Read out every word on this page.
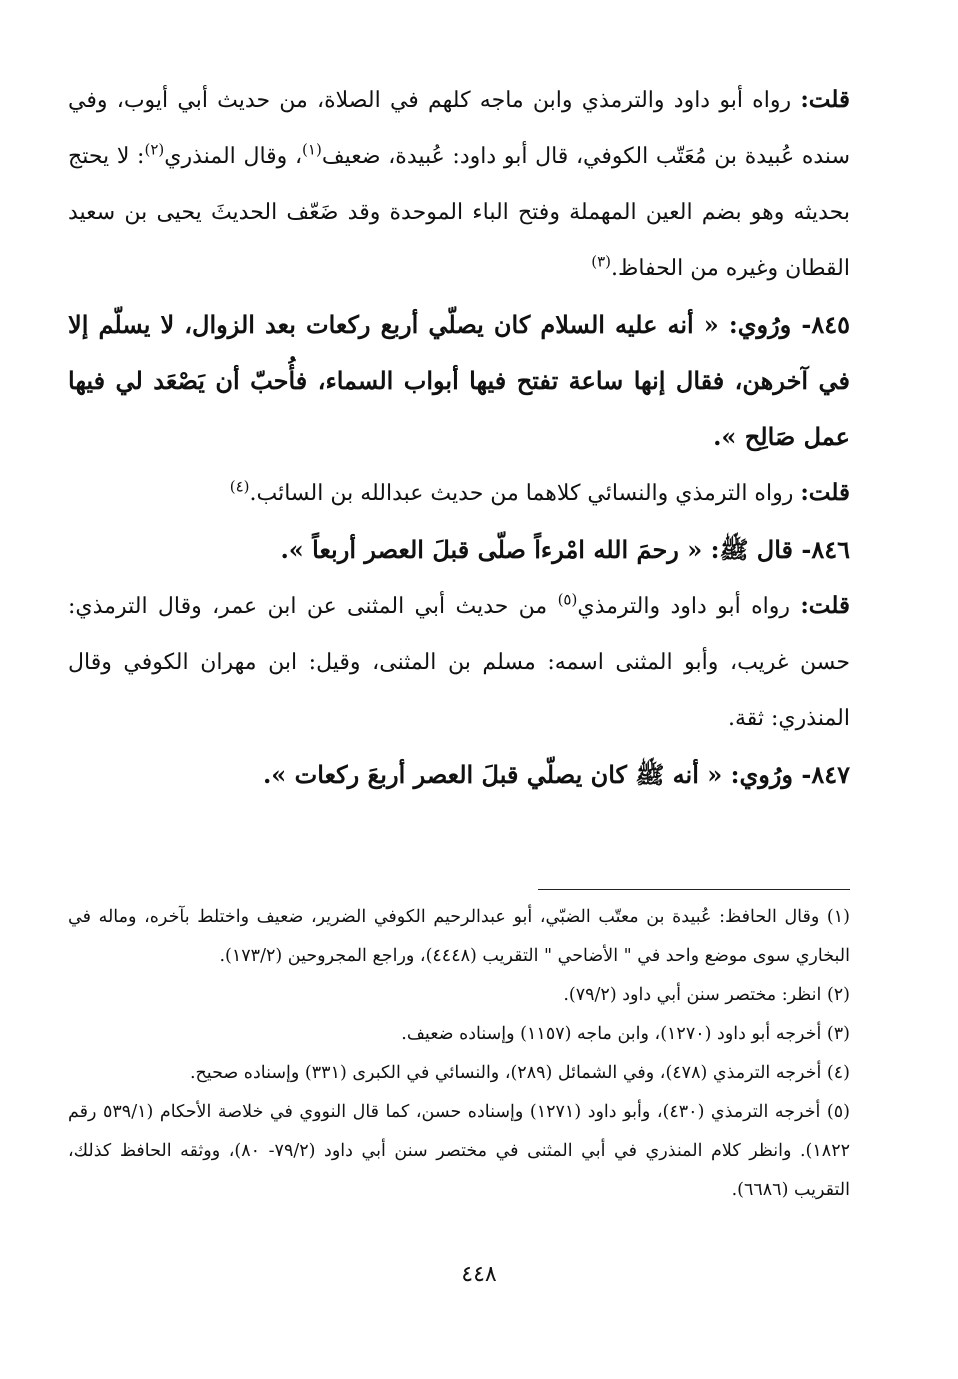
قلت: رواه أبو داود والترمذي وابن ماجه كلهم في الصلاة، من حديث أبي أيوب، وفي سنده عُبيدة بن مُعَتّب الكوفي، قال أبو داود: عُبيدة، ضعيف$^{(١)}$، وقال المنذري$^{(٢)}$: لا يحتج بحديثه وهو بضم العين المهملة وفتح الباء الموحدة وقد ضَعّف الحديثَ يحيى بن سعيد القطان وغيره من الحفاظ.$^{(٣)}$

٨٤٥- ورُوي: « أنه عليه السلام كان يصلّي أربع ركعات بعد الزوال، لا يسلّم إلا في آخرهن، فقال إنها ساعة تفتح فيها أبواب السماء، فأُحبّ أن يَصْعَد لي فيها عمل صَالِح ».

قلت: رواه الترمذي والنسائي كلاهما من حديث عبدالله بن السائب.$^{(٤)}$

٨٤٦- قال ﷺ: « رحمَ الله امْرءاً صلّى قبلَ العصر أربعاً ».

قلت: رواه أبو داود والترمذي$^{(٥)}$ من حديث أبي المثنى عن ابن عمر، وقال الترمذي: حسن غريب، وأبو المثنى اسمه: مسلم بن المثنى، وقيل: ابن مهران الكوفي وقال المنذري: ثقة.

٨٤٧- ورُوي: « أنه ﷺ كان يصلّي قبلَ العصر أربعَ ركعات ».

(١) وقال الحافظ: عُبيدة بن معتّب الضبّي، أبو عبدالرحيم الكوفي الضرير، ضعيف واختلط بآخره، وماله في البخاري سوى موضع واحد في " الأضاحي " التقريب (٤٤٤٨)، وراجع المجروحين (١٧٣/٢).
(٢) انظر: مختصر سنن أبي داود (٧٩/٢).
(٣) أخرجه أبو داود (١٢٧٠)، وابن ماجه (١١٥٧) وإسناده ضعيف.
(٤) أخرجه الترمذي (٤٧٨)، وفي الشمائل (٢٨٩)، والنسائي في الكبرى (٣٣١) وإسناده صحيح.
(٥) أخرجه الترمذي (٤٣٠)، وأبو داود (١٢٧١) وإسناده حسن، كما قال النووي في خلاصة الأحكام (٥٣٩/١ رقم ١٨٢٢). وانظر كلام المنذري في أبي المثنى في مختصر سنن أبي داود (٧٩/٢- ٨٠)، ووثقه الحافظ كذلك، التقريب (٦٦٨٦).
٤٤٨
